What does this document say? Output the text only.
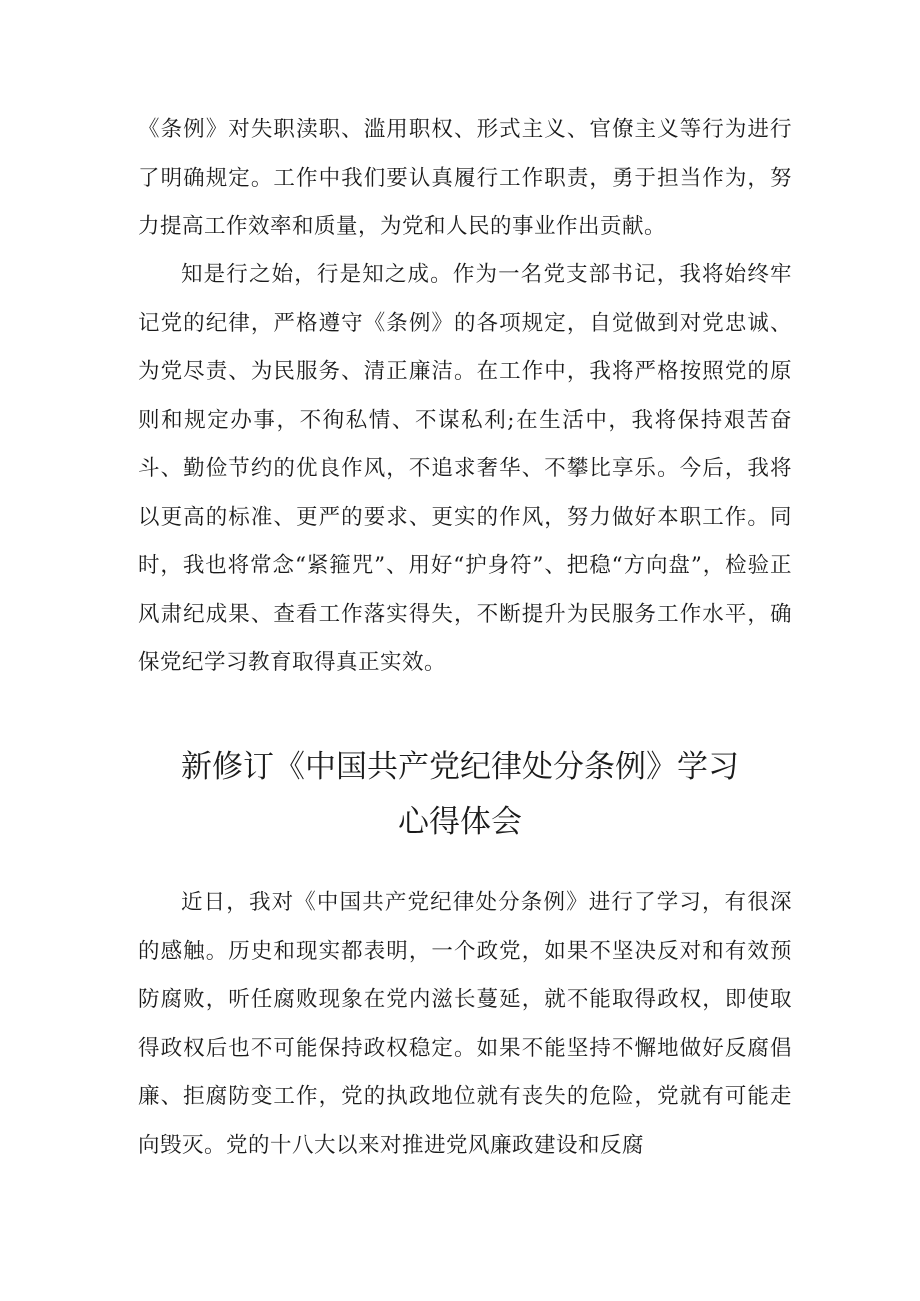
《条例》对失职渎职、滥用职权、形式主义、官僚主义等行为进行了明确规定。工作中我们要认真履行工作职责，勇于担当作为，努力提高工作效率和质量，为党和人民的事业作出贡献。

知是行之始，行是知之成。作为一名党支部书记，我将始终牢记党的纪律，严格遵守《条例》的各项规定，自觉做到对党忠诚、为党尽责、为民服务、清正廉洁。在工作中，我将严格按照党的原则和规定办事，不徇私情、不谋私利;在生活中，我将保持艰苦奋斗、勤俭节约的优良作风，不追求奢华、不攀比享乐。今后，我将以更高的标准、更严的要求、更实的作风，努力做好本职工作。同时，我也将常念“紧箍咒”、用好“护身符”、把稳“方向盘”，检验正风肃纪成果、查看工作落实得失，不断提升为民服务工作水平，确保党纪学习教育取得真正实效。

新修订《中国共产党纪律处分条例》学习
心得体会

近日，我对《中国共产党纪律处分条例》进行了学习，有很深的感触。历史和现实都表明，一个政党，如果不坚决反对和有效预防腐败，听任腐败现象在党内滋长蔓延，就不能取得政权，即使取得政权后也不可能保持政权稳定。如果不能坚持不懈地做好反腐倡廉、拒腐防变工作，党的执政地位就有丧失的危险，党就有可能走向毁灭。党的十八大以来对推进党风廉政建设和反腐
